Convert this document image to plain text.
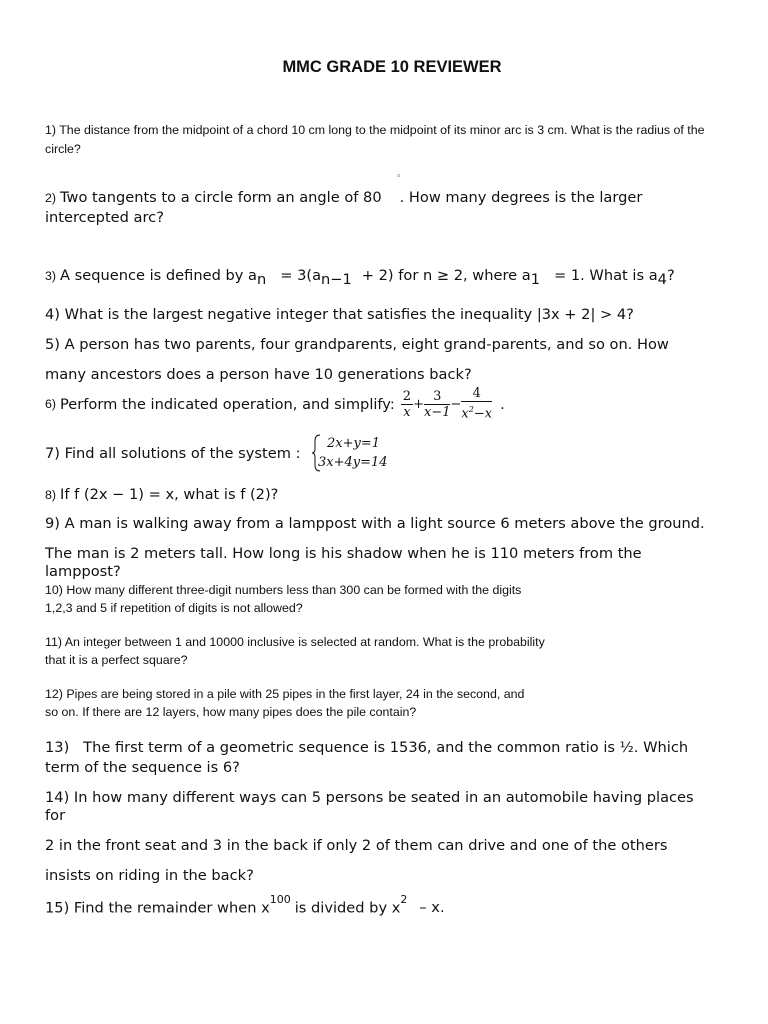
MMC GRADE 10 REVIEWER
1) The distance from the midpoint of a chord 10 cm long to the midpoint of its minor arc is 3 cm. What is the radius of the
circle?
◦
2) Two tangents to a circle form an angle of 80 . How many degrees is the larger
intercepted arc?
3) A sequence is defined by $a_n = 3(a_{n-1} + 2)$ for n ≥ 2, where $a_1 = 1$. What is $a_4$?
4) What is the largest negative integer that satisfies the inequality |3x + 2| > 4?
5) A person has two parents, four grandparents, eight grand-parents, and so on. How
many ancestors does a person have 10 generations back?
6) Perform the indicated operation, and simplify: $\frac{2}{x} + \frac{3}{x-1} - \frac{4}{x^2-x}$ .
7) Find all solutions of the system :
2x+y=1
3x+4y=14
8) If f (2x − 1) = x, what is f (2)?
9) A man is walking away from a lamppost with a light source 6 meters above the ground.
The man is 2 meters tall. How long is his shadow when he is 110 meters from the
lamppost?
10) How many different three-digit numbers less than 300 can be formed with the digits
1,2,3 and 5 if repetition of digits is not allowed?
11) An integer between 1 and 10000 inclusive is selected at random. What is the probability
that it is a perfect square?
12) Pipes are being stored in a pile with 25 pipes in the first layer, 24 in the second, and
so on. If there are 12 layers, how many pipes does the pile contain?
13)   The first term of a geometric sequence is 1536, and the common ratio is ½. Which
term of the sequence is 6?
14) In how many different ways can 5 persons be seated in an automobile having places
for
2 in the front seat and 3 in the back if only 2 of them can drive and one of the others
insists on riding in the back?
15) Find the remainder when $x^{100}$ is divided by $x^2$ – x.
